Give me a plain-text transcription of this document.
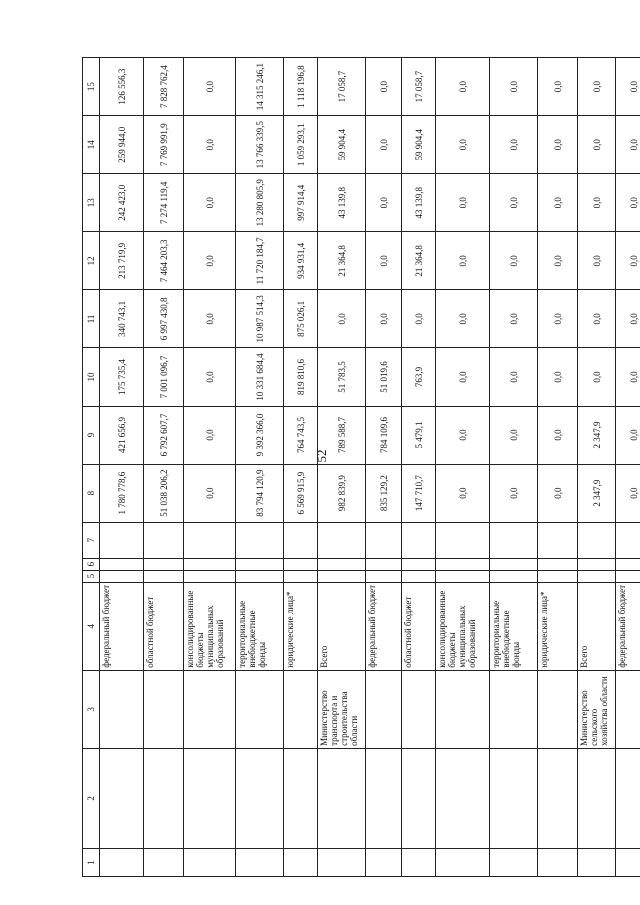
52
1	2	3	4	5	6	7	8	9	10	11	12	13	14	15
			федеральный бюджет				1 780 778,6	421 656,9	175 735,4	340 743,1	213 719,9	242 423,0	259 944,0	126 556,3
			областной бюджет				51 038 206,2	6 792 607,7	7 001 096,7	6 997 430,8	7 464 203,3	7 274 119,4	7 769 991,9	7 828 762,4
			консолидированные бюджеты муниципальных образований				0,0	0,0	0,0	0,0	0,0	0,0	0,0	0,0
			территориальные внебюджетные фонды				83 794 120,9	9 392 366,0	10 331 684,4	10 987 514,3	11 720 184,7	13 280 805,9	13 766 339,5	14 315 246,1
			юридические лица*				6 569 915,9	764 743,5	819 810,6	875 026,1	934 931,4	997 914,4	1 059 293,1	1 118 196,8
		Министерство транспорта и строительства области	Всего				982 839,9	789 588,7	51 783,5	0,0	21 364,8	43 139,8	59 904,4	17 058,7
			федеральный бюджет				835 129,2	784 109,6	51 019,6	0,0	0,0	0,0	0,0	0,0
			областной бюджет				147 710,7	5 479,1	763,9	0,0	21 364,8	43 139,8	59 904,4	17 058,7
			консолидированные бюджеты муниципальных образований				0,0	0,0	0,0	0,0	0,0	0,0	0,0	0,0
			территориальные внебюджетные фонды				0,0	0,0	0,0	0,0	0,0	0,0	0,0	0,0
			юридические лица*				0,0	0,0	0,0	0,0	0,0	0,0	0,0	0,0
		Министерство сельского хозяйства области	Всего				2 347,9	2 347,9	0,0	0,0	0,0	0,0	0,0	0,0
			федеральный бюджет				0,0	0,0	0,0	0,0	0,0	0,0	0,0	0,0
